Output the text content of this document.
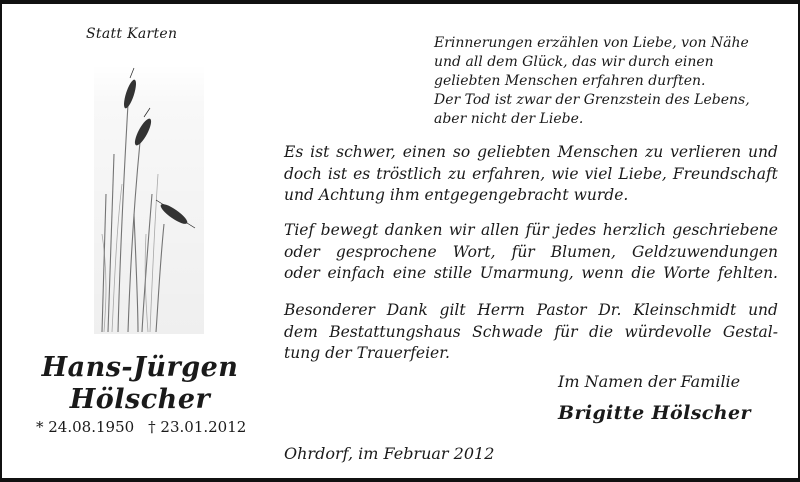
Statt Karten
Hans-Jürgen
Hölscher
* 24.08.1950 † 23.01.2012
Erinnerungen erzählen von Liebe, von Nähe
und all dem Glück, das wir durch einen
geliebten Menschen erfahren durften.
Der Tod ist zwar der Grenzstein des Lebens,
aber nicht der Liebe.
Es ist schwer, einen so geliebten Menschen zu verlieren und
doch ist es tröstlich zu erfahren, wie viel Liebe, Freundschaft
und Achtung ihm entgegengebracht wurde.
Tief bewegt danken wir allen für jedes herzlich geschriebene
oder gesprochene Wort, für Blumen, Geldzuwendungen
oder einfach eine stille Umarmung, wenn die Worte fehlten.
Besonderer Dank gilt Herrn Pastor Dr. Kleinschmidt und
dem Bestattungshaus Schwade für die würdevolle Gestal-
tung der Trauerfeier.
Im Namen der Familie
Brigitte Hölscher
Ohrdorf, im Februar 2012
